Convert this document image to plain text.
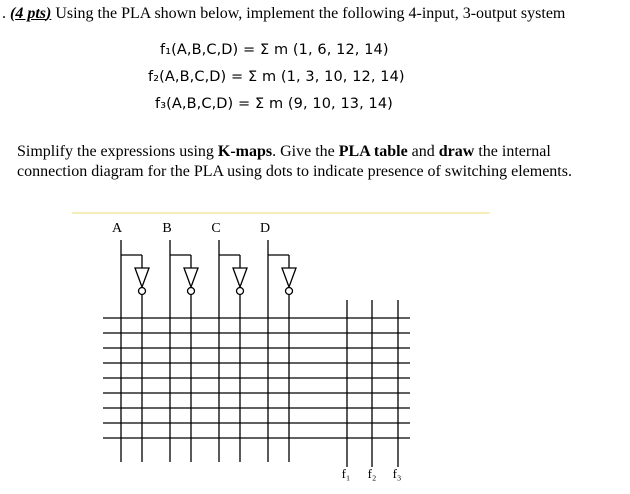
. (4 pts) Using the PLA shown below, implement the following 4-input, 3-output system
f₁(A,B,C,D) = Σ m (1, 6, 12, 14)
f₂(A,B,C,D) = Σ m (1, 3, 10, 12, 14)
f₃(A,B,C,D) = Σ m (9, 10, 13, 14)
Simplify the expressions using K-maps. Give the PLA table and draw the internal connection diagram for the PLA using dots to indicate presence of switching elements.
A	B	C	D
f₁ f₂ f₃
